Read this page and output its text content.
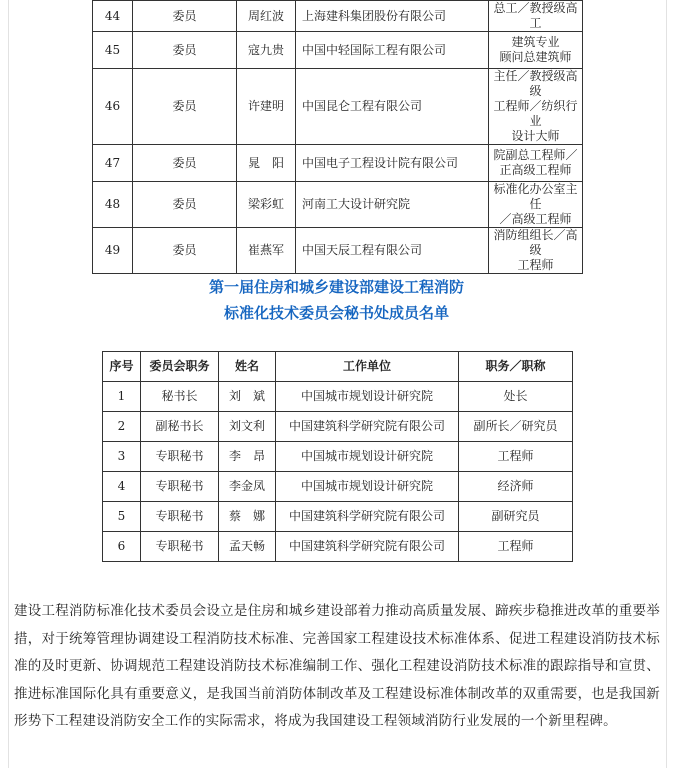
44	委员	周红波	上海建科集团股份有限公司	总工／教授级高工

45	委员	寇九贵	中国中轻国际工程有限公司	建筑专业
顾问总建筑师

46	委员	许建明	中国昆仑工程有限公司	主任／教授级高级
工程师／纺织行业
设计大师

47	委员	晁　阳	中国电子工程设计院有限公司	院副总工程师／
正高级工程师

48	委员	梁彩虹	河南工大设计研究院	标准化办公室主任
／高级工程师

49	委员	崔燕军	中国天辰工程有限公司	消防组组长／高级
工程师
第一届住房和城乡建设部建设工程消防
标准化技术委员会秘书处成员名单
序号	委员会职务	姓名	工作单位	职务／职称
1	秘书长	刘　斌	中国城市规划设计研究院	处长
2	副秘书长	刘文利	中国建筑科学研究院有限公司	副所长／研究员
3	专职秘书	李　昂	中国城市规划设计研究院	工程师
4	专职秘书	李金凤	中国城市规划设计研究院	经济师
5	专职秘书	蔡　娜	中国建筑科学研究院有限公司	副研究员
6	专职秘书	孟天畅	中国建筑科学研究院有限公司	工程师
建设工程消防标准化技术委员会设立是住房和城乡建设部着力推动高质量发展、蹄疾步稳推进改革的重要举措，对于统筹管理协调建设工程消防技术标准、完善国家工程建设技术标准体系、促进工程建设消防技术标准的及时更新、协调规范工程建设消防技术标准编制工作、强化工程建设消防技术标准的跟踪指导和宣贯、推进标准国际化具有重要意义，是我国当前消防体制改革及工程建设标准体制改革的双重需要，也是我国新形势下工程建设消防安全工作的实际需求，将成为我国建设工程领域消防行业发展的一个新里程碑。
